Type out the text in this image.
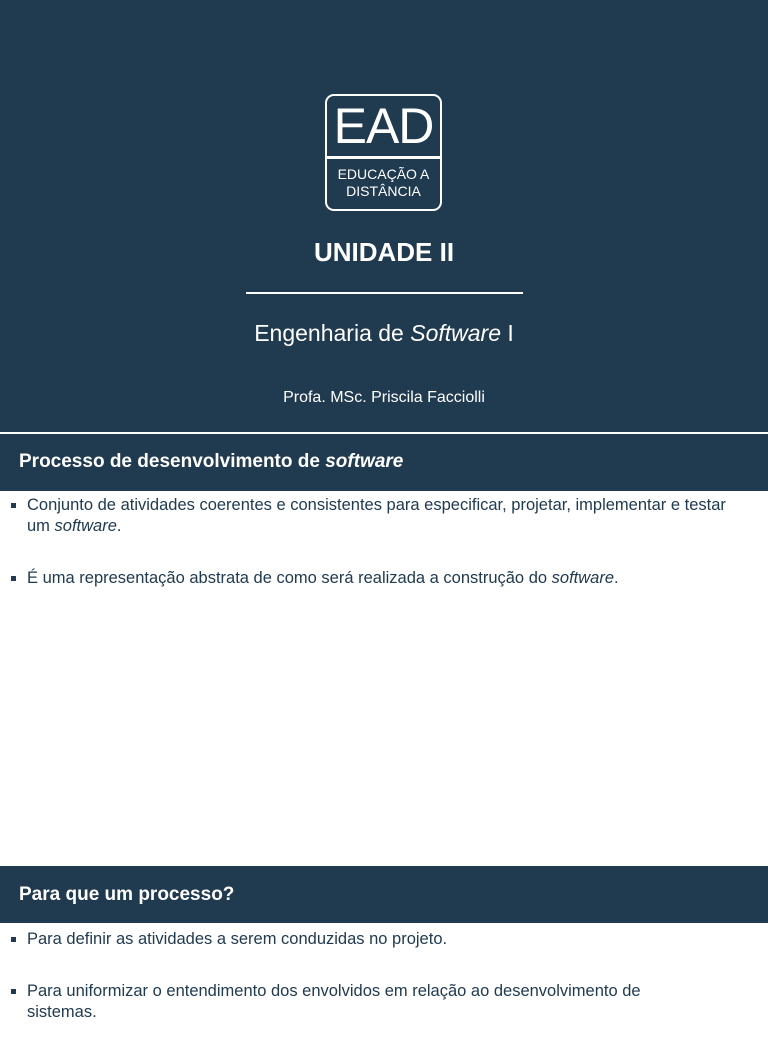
EAD
EDUCAÇÃO A
DISTÂNCIA
UNIDADE II
Engenharia de Software I
Profa. MSc. Priscila Facciolli
Processo de desenvolvimento de software
Conjunto de atividades coerentes e consistentes para especificar, projetar, implementar e testar um software.
É uma representação abstrata de como será realizada a construção do software.
Para que um processo?
Para definir as atividades a serem conduzidas no projeto.
Para uniformizar o entendimento dos envolvidos em relação ao desenvolvimento de sistemas.
